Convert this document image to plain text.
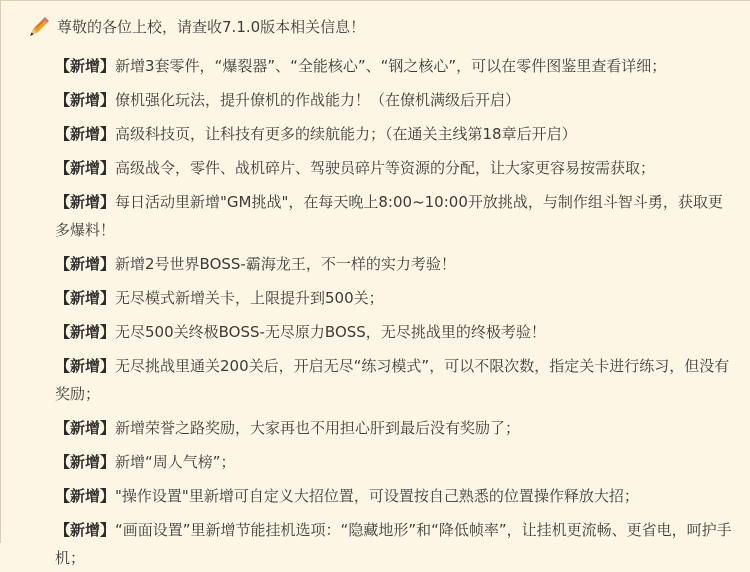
尊敬的各位上校，请查收7.1.0版本相关信息！
【新增】新增3套零件，“爆裂器”、“全能核心”、“钢之核心”，可以在零件图鉴里查看详细；
【新增】僚机强化玩法，提升僚机的作战能力！（在僚机满级后开启）
【新增】高级科技页，让科技有更多的续航能力；（在通关主线第18章后开启）
【新增】高级战令，零件、战机碎片、驾驶员碎片等资源的分配，让大家更容易按需获取；
【新增】每日活动里新增"GM挑战"，在每天晚上8:00~10:00开放挑战，与制作组斗智斗勇，获取更多爆料！
【新增】新增2号世界BOSS-霸海龙王，不一样的实力考验！
【新增】无尽模式新增关卡，上限提升到500关；
【新增】无尽500关终极BOSS-无尽原力BOSS，无尽挑战里的终极考验！
【新增】无尽挑战里通关200关后，开启无尽“练习模式”，可以不限次数，指定关卡进行练习，但没有奖励；
【新增】新增荣誉之路奖励，大家再也不用担心肝到最后没有奖励了；
【新增】新增“周人气榜”；
【新增】"操作设置"里新增可自定义大招位置，可设置按自己熟悉的位置操作释放大招；
【新增】“画面设置”里新增节能挂机选项：“隐藏地形”和“降低帧率”，让挂机更流畅、更省电，呵护手机；
